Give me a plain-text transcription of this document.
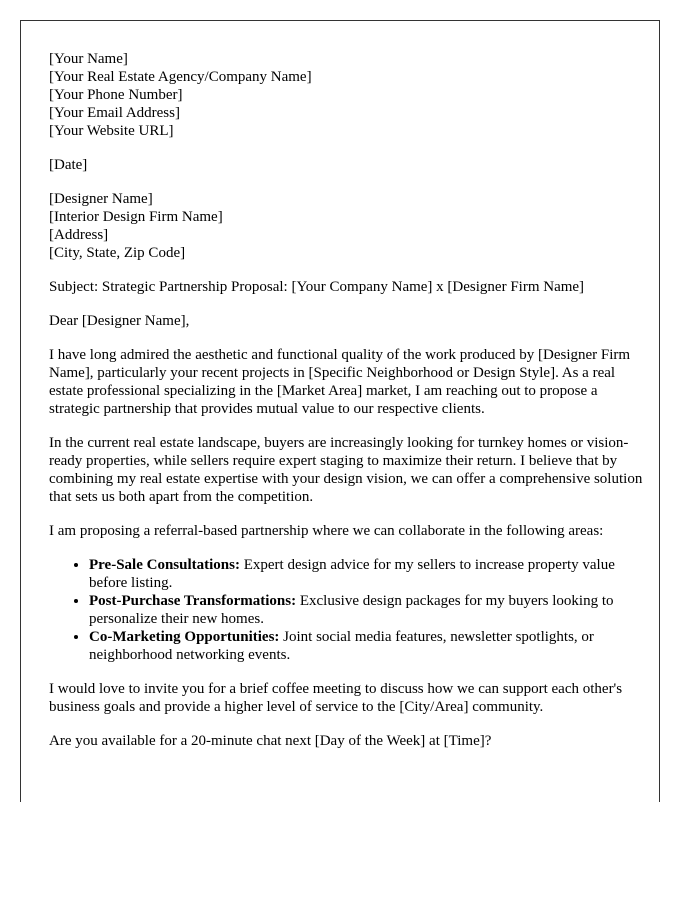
[Your Name]
[Your Real Estate Agency/Company Name]
[Your Phone Number]
[Your Email Address]
[Your Website URL]
[Date]
[Designer Name]
[Interior Design Firm Name]
[Address]
[City, State, Zip Code]

Subject: Strategic Partnership Proposal: [Your Company Name] x [Designer Firm Name]

Dear [Designer Name],

I have long admired the aesthetic and functional quality of the work produced by [Designer Firm Name], particularly your recent projects in [Specific Neighborhood or Design Style]. As a real estate professional specializing in the [Market Area] market, I am reaching out to propose a strategic partnership that provides mutual value to our respective clients.

In the current real estate landscape, buyers are increasingly looking for turnkey homes or vision-ready properties, while sellers require expert staging to maximize their return. I believe that by combining my real estate expertise with your design vision, we can offer a comprehensive solution that sets us both apart from the competition.

I am proposing a referral-based partnership where we can collaborate in the following areas:

• Pre-Sale Consultations: Expert design advice for my sellers to increase property value before listing.
• Post-Purchase Transformations: Exclusive design packages for my buyers looking to personalize their new homes.
• Co-Marketing Opportunities: Joint social media features, newsletter spotlights, or neighborhood networking events.

I would love to invite you for a brief coffee meeting to discuss how we can support each other's business goals and provide a higher level of service to the [City/Area] community.

Are you available for a 20-minute chat next [Day of the Week] at [Time]?
